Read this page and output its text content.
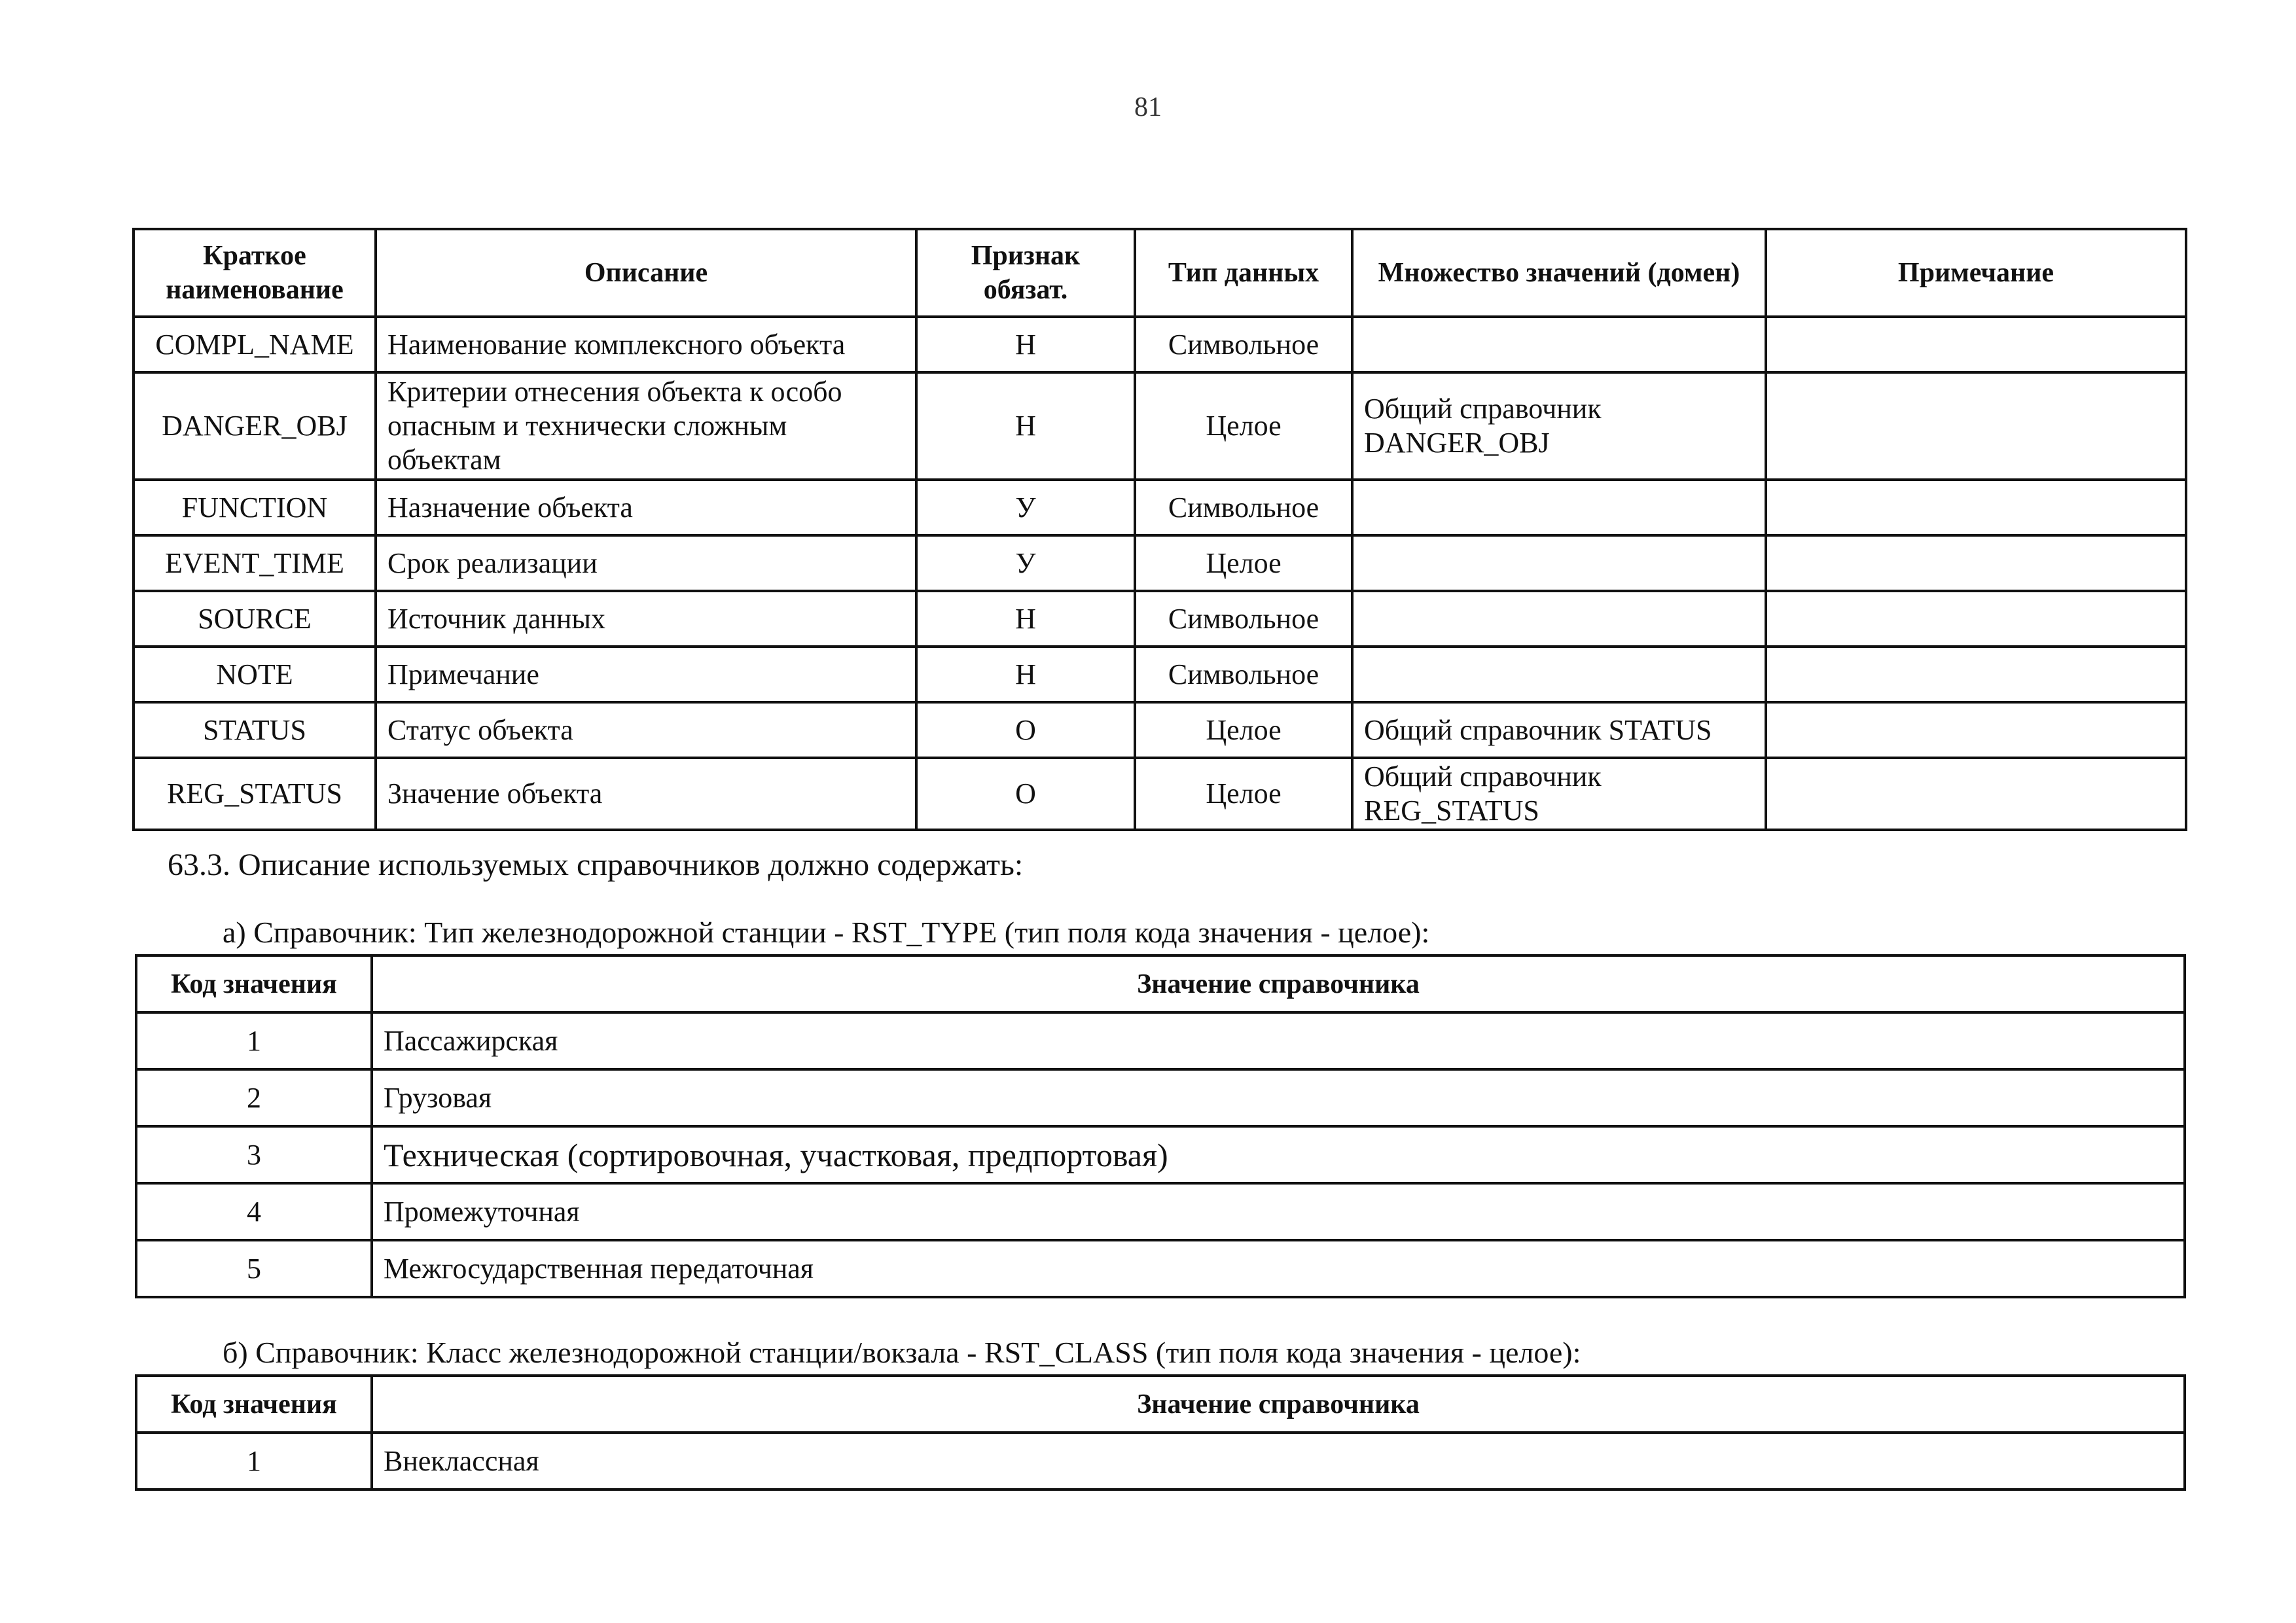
81
Краткое наименование	Описание	Признак обязат.	Тип данных	Множество значений (домен)	Примечание
COMPL_NAME	Наименование комплексного объекта	Н	Символьное		
DANGER_OBJ	Критерии отнесения объекта к особо опасным и технически сложным объектам	Н	Целое	Общий справочник DANGER_OBJ	
FUNCTION	Назначение объекта	У	Символьное		
EVENT_TIME	Срок реализации	У	Целое		
SOURCE	Источник данных	Н	Символьное		
NOTE	Примечание	Н	Символьное		
STATUS	Статус объекта	О	Целое	Общий справочник STATUS	
REG_STATUS	Значение объекта	О	Целое	Общий справочник REG_STATUS	
63.3. Описание используемых справочников должно содержать:
а) Справочник: Тип железнодорожной станции - RST_TYPE (тип поля кода значения - целое):
Код значения	Значение справочника
1	Пассажирская
2	Грузовая
3	Техническая (сортировочная, участковая, предпортовая)
4	Промежуточная
5	Межгосударственная передаточная
б) Справочник: Класс железнодорожной станции/вокзала - RST_CLASS (тип поля кода значения - целое):
Код значения	Значение справочника
1	Внеклассная
